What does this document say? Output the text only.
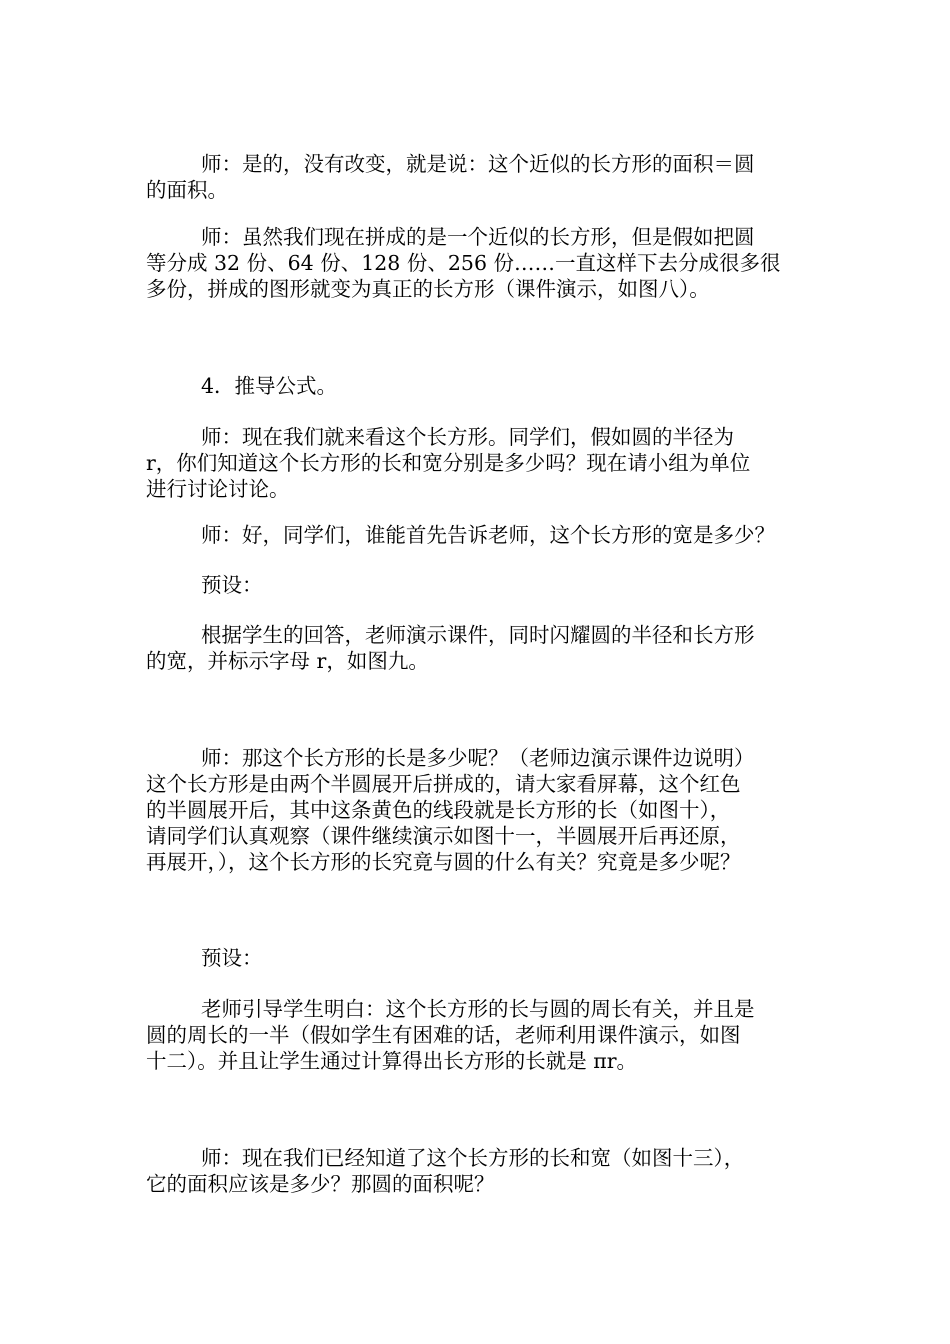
师：是的，没有改变，就是说：这个近似的长方形的面积＝圆
的面积。

师：虽然我们现在拼成的是一个近似的长方形，但是假如把圆
等分成 32 份、64 份、128 份、256 份……一直这样下去分成很多很
多份，拼成的图形就变为真正的长方形（课件演示，如图八）。

4．推导公式。

师：现在我们就来看这个长方形。同学们，假如圆的半径为
r，你们知道这个长方形的长和宽分别是多少吗？现在请小组为单位
进行讨论讨论。

师：好，同学们，谁能首先告诉老师，这个长方形的宽是多少？

预设：

根据学生的回答，老师演示课件，同时闪耀圆的半径和长方形
的宽，并标示字母 r，如图九。

师：那这个长方形的长是多少呢？（老师边演示课件边说明）
这个长方形是由两个半圆展开后拼成的，请大家看屏幕，这个红色
的半圆展开后，其中这条黄色的线段就是长方形的长（如图十），
请同学们认真观察（课件继续演示如图十一，半圆展开后再还原，
再展开，），这个长方形的长究竟与圆的什么有关？究竟是多少呢？

预设：

老师引导学生明白：这个长方形的长与圆的周长有关，并且是
圆的周长的一半（假如学生有困难的话，老师利用课件演示，如图
十二）。并且让学生通过计算得出长方形的长就是 πr。

师：现在我们已经知道了这个长方形的长和宽（如图十三），
它的面积应该是多少？那圆的面积呢？
